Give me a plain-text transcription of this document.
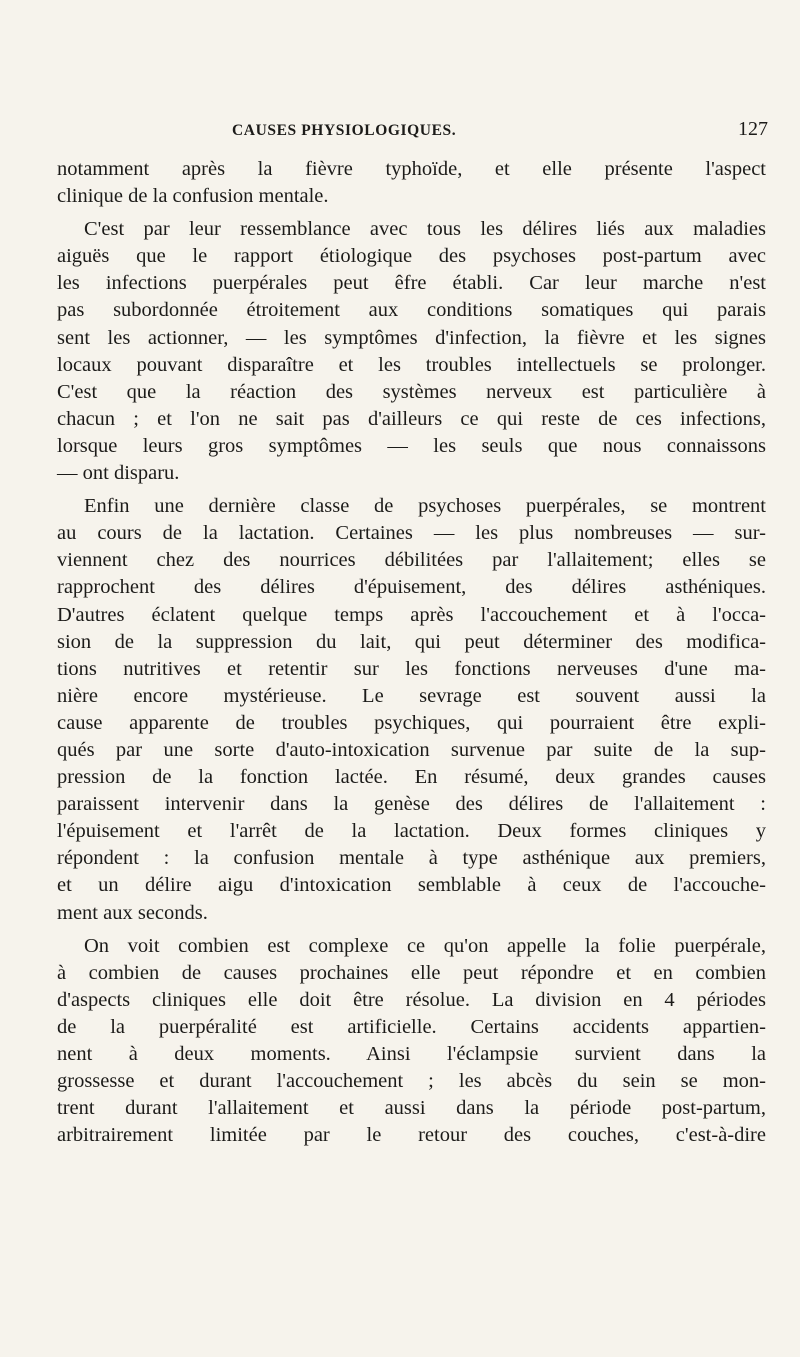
CAUSES PHYSIOLOGIQUES.	127
notamment après la fièvre typhoïde, et elle présente l'aspect
clinique de la confusion mentale.
C'est par leur ressemblance avec tous les délires liés aux maladies
aiguës que le rapport étiologique des psychoses post-partum avec
les infections puerpérales peut êfre établi. Car leur marche n'est
pas subordonnée étroitement aux conditions somatiques qui parais
sent les actionner, — les symptômes d'infection, la fièvre et les signes
locaux pouvant disparaître et les troubles intellectuels se prolonger.
C'est que la réaction des systèmes nerveux est particulière à
chacun ; et l'on ne sait pas d'ailleurs ce qui reste de ces infections,
lorsque leurs gros symptômes — les seuls que nous connaissons
— ont disparu.
Enfin une dernière classe de psychoses puerpérales, se montrent
au cours de la lactation. Certaines — les plus nombreuses — sur-
viennent chez des nourrices débilitées par l'allaitement; elles se
rapprochent des délires d'épuisement, des délires asthéniques.
D'autres éclatent quelque temps après l'accouchement et à l'occa-
sion de la suppression du lait, qui peut déterminer des modifica-
tions nutritives et retentir sur les fonctions nerveuses d'une ma-
nière encore mystérieuse. Le sevrage est souvent aussi la
cause apparente de troubles psychiques, qui pourraient être expli-
qués par une sorte d'auto-intoxication survenue par suite de la sup-
pression de la fonction lactée. En résumé, deux grandes causes
paraissent intervenir dans la genèse des délires de l'allaitement :
l'épuisement et l'arrêt de la lactation. Deux formes cliniques y
répondent : la confusion mentale à type asthénique aux premiers,
et un délire aigu d'intoxication semblable à ceux de l'accouche-
ment aux seconds.
On voit combien est complexe ce qu'on appelle la folie puerpérale,
à combien de causes prochaines elle peut répondre et en combien
d'aspects cliniques elle doit être résolue. La division en 4 périodes
de la puerpéralité est artificielle. Certains accidents appartien-
nent à deux moments. Ainsi l'éclampsie survient dans la
grossesse et durant l'accouchement ; les abcès du sein se mon-
trent durant l'allaitement et aussi dans la période post-partum,
arbitrairement limitée par le retour des couches, c'est-à-dire
